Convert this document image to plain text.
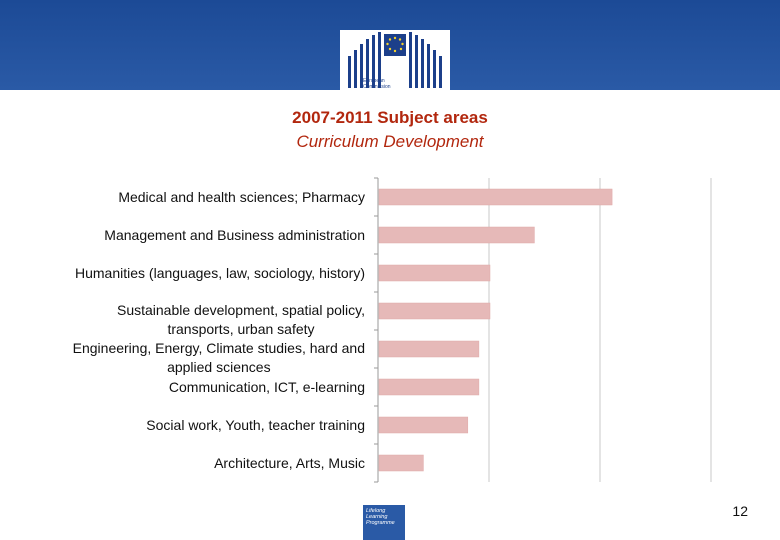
European Commission
2007-2011 Subject areas
Curriculum Development
Medical and health sciences; Pharmacy
Management and Business administration
Humanities (languages, law, sociology, history)
Sustainable development, spatial policy,
transports, urban safety
Engineering, Energy, Climate studies, hard and
applied sciences
Communication, ICT, e-learning
Social work, Youth, teacher training
Architecture, Arts, Music
Lifelong Learning Programme
12
